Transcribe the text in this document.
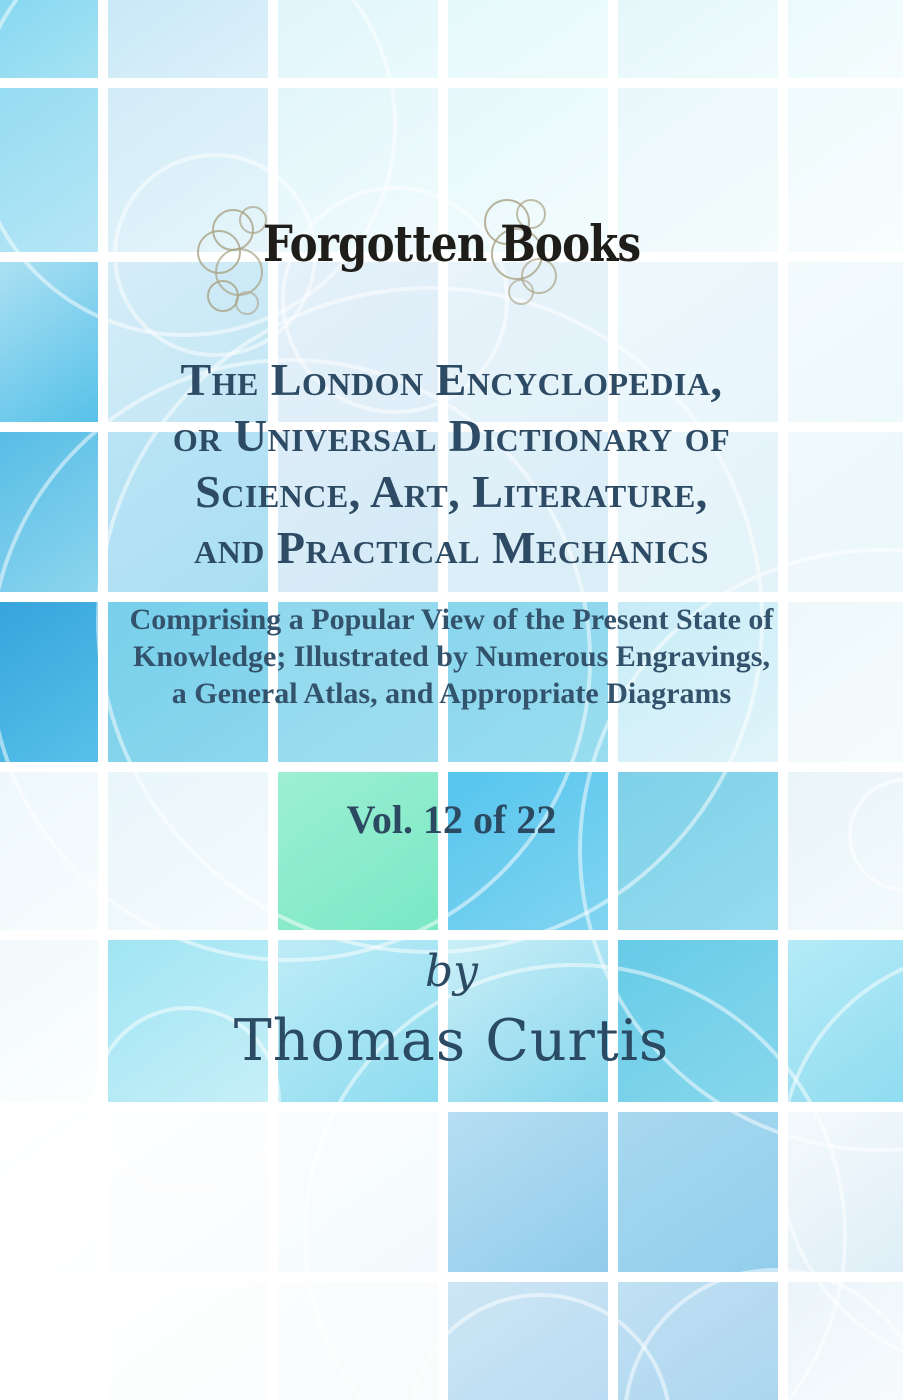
Forgotten Books
The London Encyclopedia,
or Universal Dictionary of
Science, Art, Literature,
and Practical Mechanics
Comprising a Popular View of the Present State of
Knowledge; Illustrated by Numerous Engravings,
a General Atlas, and Appropriate Diagrams
Vol. 12 of 22
by
Thomas Curtis
